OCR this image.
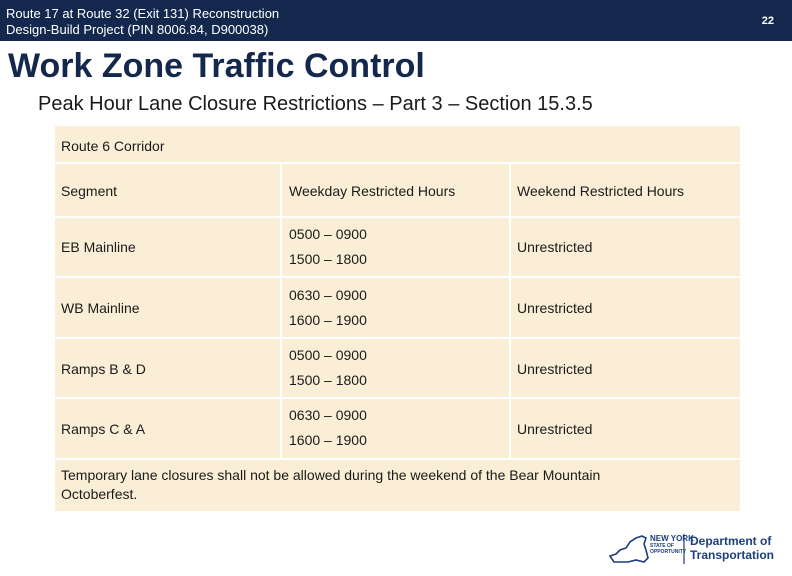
Route 17 at Route 32 (Exit 131) Reconstruction
Design-Build Project (PIN 8006.84, D900038)
22
Work Zone Traffic Control
Peak Hour Lane Closure Restrictions – Part 3 – Section 15.3.5
Route 6 Corridor
Segment	Weekday Restricted Hours	Weekend Restricted Hours
EB Mainline
0500 – 0900
1500 – 1800
Unrestricted
WB Mainline
0630 – 0900
1600 – 1900
Unrestricted
Ramps B & D
0500 – 0900
1500 – 1800
Unrestricted
Ramps C & A
0630 – 0900
1600 – 1900
Unrestricted
Temporary lane closures shall not be allowed during the weekend of the Bear Mountain
Octoberfest.
NEW YORK
STATE OF
OPPORTUNITY
Department of
Transportation
